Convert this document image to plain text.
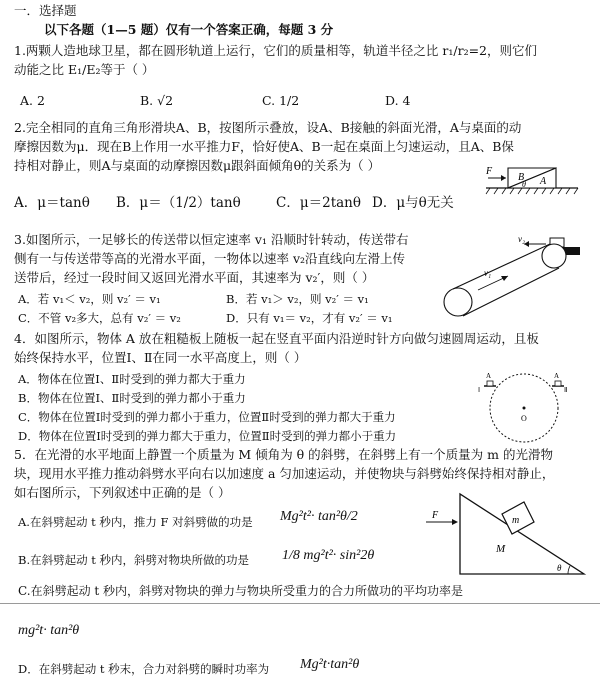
一．选择题
以下各题（1—5 题）仅有一个答案正确，每题 3 分
1.两颗人造地球卫星，都在圆形轨道上运行，它们的质量相等，轨道半径之比 r₁/r₂=2，则它们
动能之比 E₁/E₂等于（ ）
A. 2	B. √2	C. 1/2	D. 4
2.完全相同的直角三角形滑块A、B，按图所示叠放，设A、B接触的斜面光滑，A与桌面的动
摩擦因数为μ．现在B上作用一水平推力F，恰好使A、B一起在桌面上匀速运动，且A、B保
持相对静止，则A与桌面的动摩擦因数μ跟斜面倾角θ的关系为（ ）	F
B
θ A
A．μ＝tanθ B．μ＝（1/2）tanθ	C．μ＝2tanθ D．μ与θ无关
3.如图所示，一足够长的传送带以恒定速率 v₁ 沿顺时针转动，传送带右
侧有一与传送带等高的光滑水平面，一物体以速率 v₂沿直线向左滑上传
送带后，经过一段时间又返回光滑水平面，其速率为 v₂′，则（ ）
A．若 v₁＜ v₂，则 v₂′ ＝ v₁	B．若 v₁＞ v₂，则 v₂′ ＝ v₁
C．不管 v₂多大，总有 v₂′ ＝ v₂	D．只有 v₁＝ v₂，才有 v₂′ ＝ v₁
v₂
v₁
4．如图所示，物体 A 放在粗糙板上随板一起在竖直平面内沿逆时针方向做匀速圆周运动，且板
始终保持水平，位置Ⅰ、Ⅱ在同一水平高度上，则（ ）
A．物体在位置Ⅰ、Ⅱ时受到的弹力都大于重力
B．物体在位置Ⅰ、Ⅱ时受到的弹力都小于重力
C．物体在位置Ⅰ时受到的弹力都小于重力，位置Ⅱ时受到的弹力都大于重力
D．物体在位置Ⅰ时受到的弹力都大于重力，位置Ⅱ时受到的弹力都小于重力
O
A
Ⅰ
A
Ⅱ
5．在光滑的水平地面上静置一个质量为 M 倾角为 θ 的斜劈，在斜劈上有一个质量为 m 的光滑物
块，现用水平推力推动斜劈水平向右以加速度 a 匀加速运动，并使物块与斜劈始终保持相对静止，
如右图所示，下列叙述中正确的是（ ）
A.在斜劈起动 t 秒内，推力 F 对斜劈做的功是 Mg²t²· tan²θ/2
B.在斜劈起动 t 秒内，斜劈对物块所做的功是 1/8 mg²t²· sin²2θ
C.在斜劈起动 t 秒内，斜劈对物块的弹力与物块所受重力的合力所做功的平均功率是
mg²t· tan²θ
D．在斜劈起动 t 秒末，合力对斜劈的瞬时功率为 Mg²t·tan²θ
F	m
M
θ
